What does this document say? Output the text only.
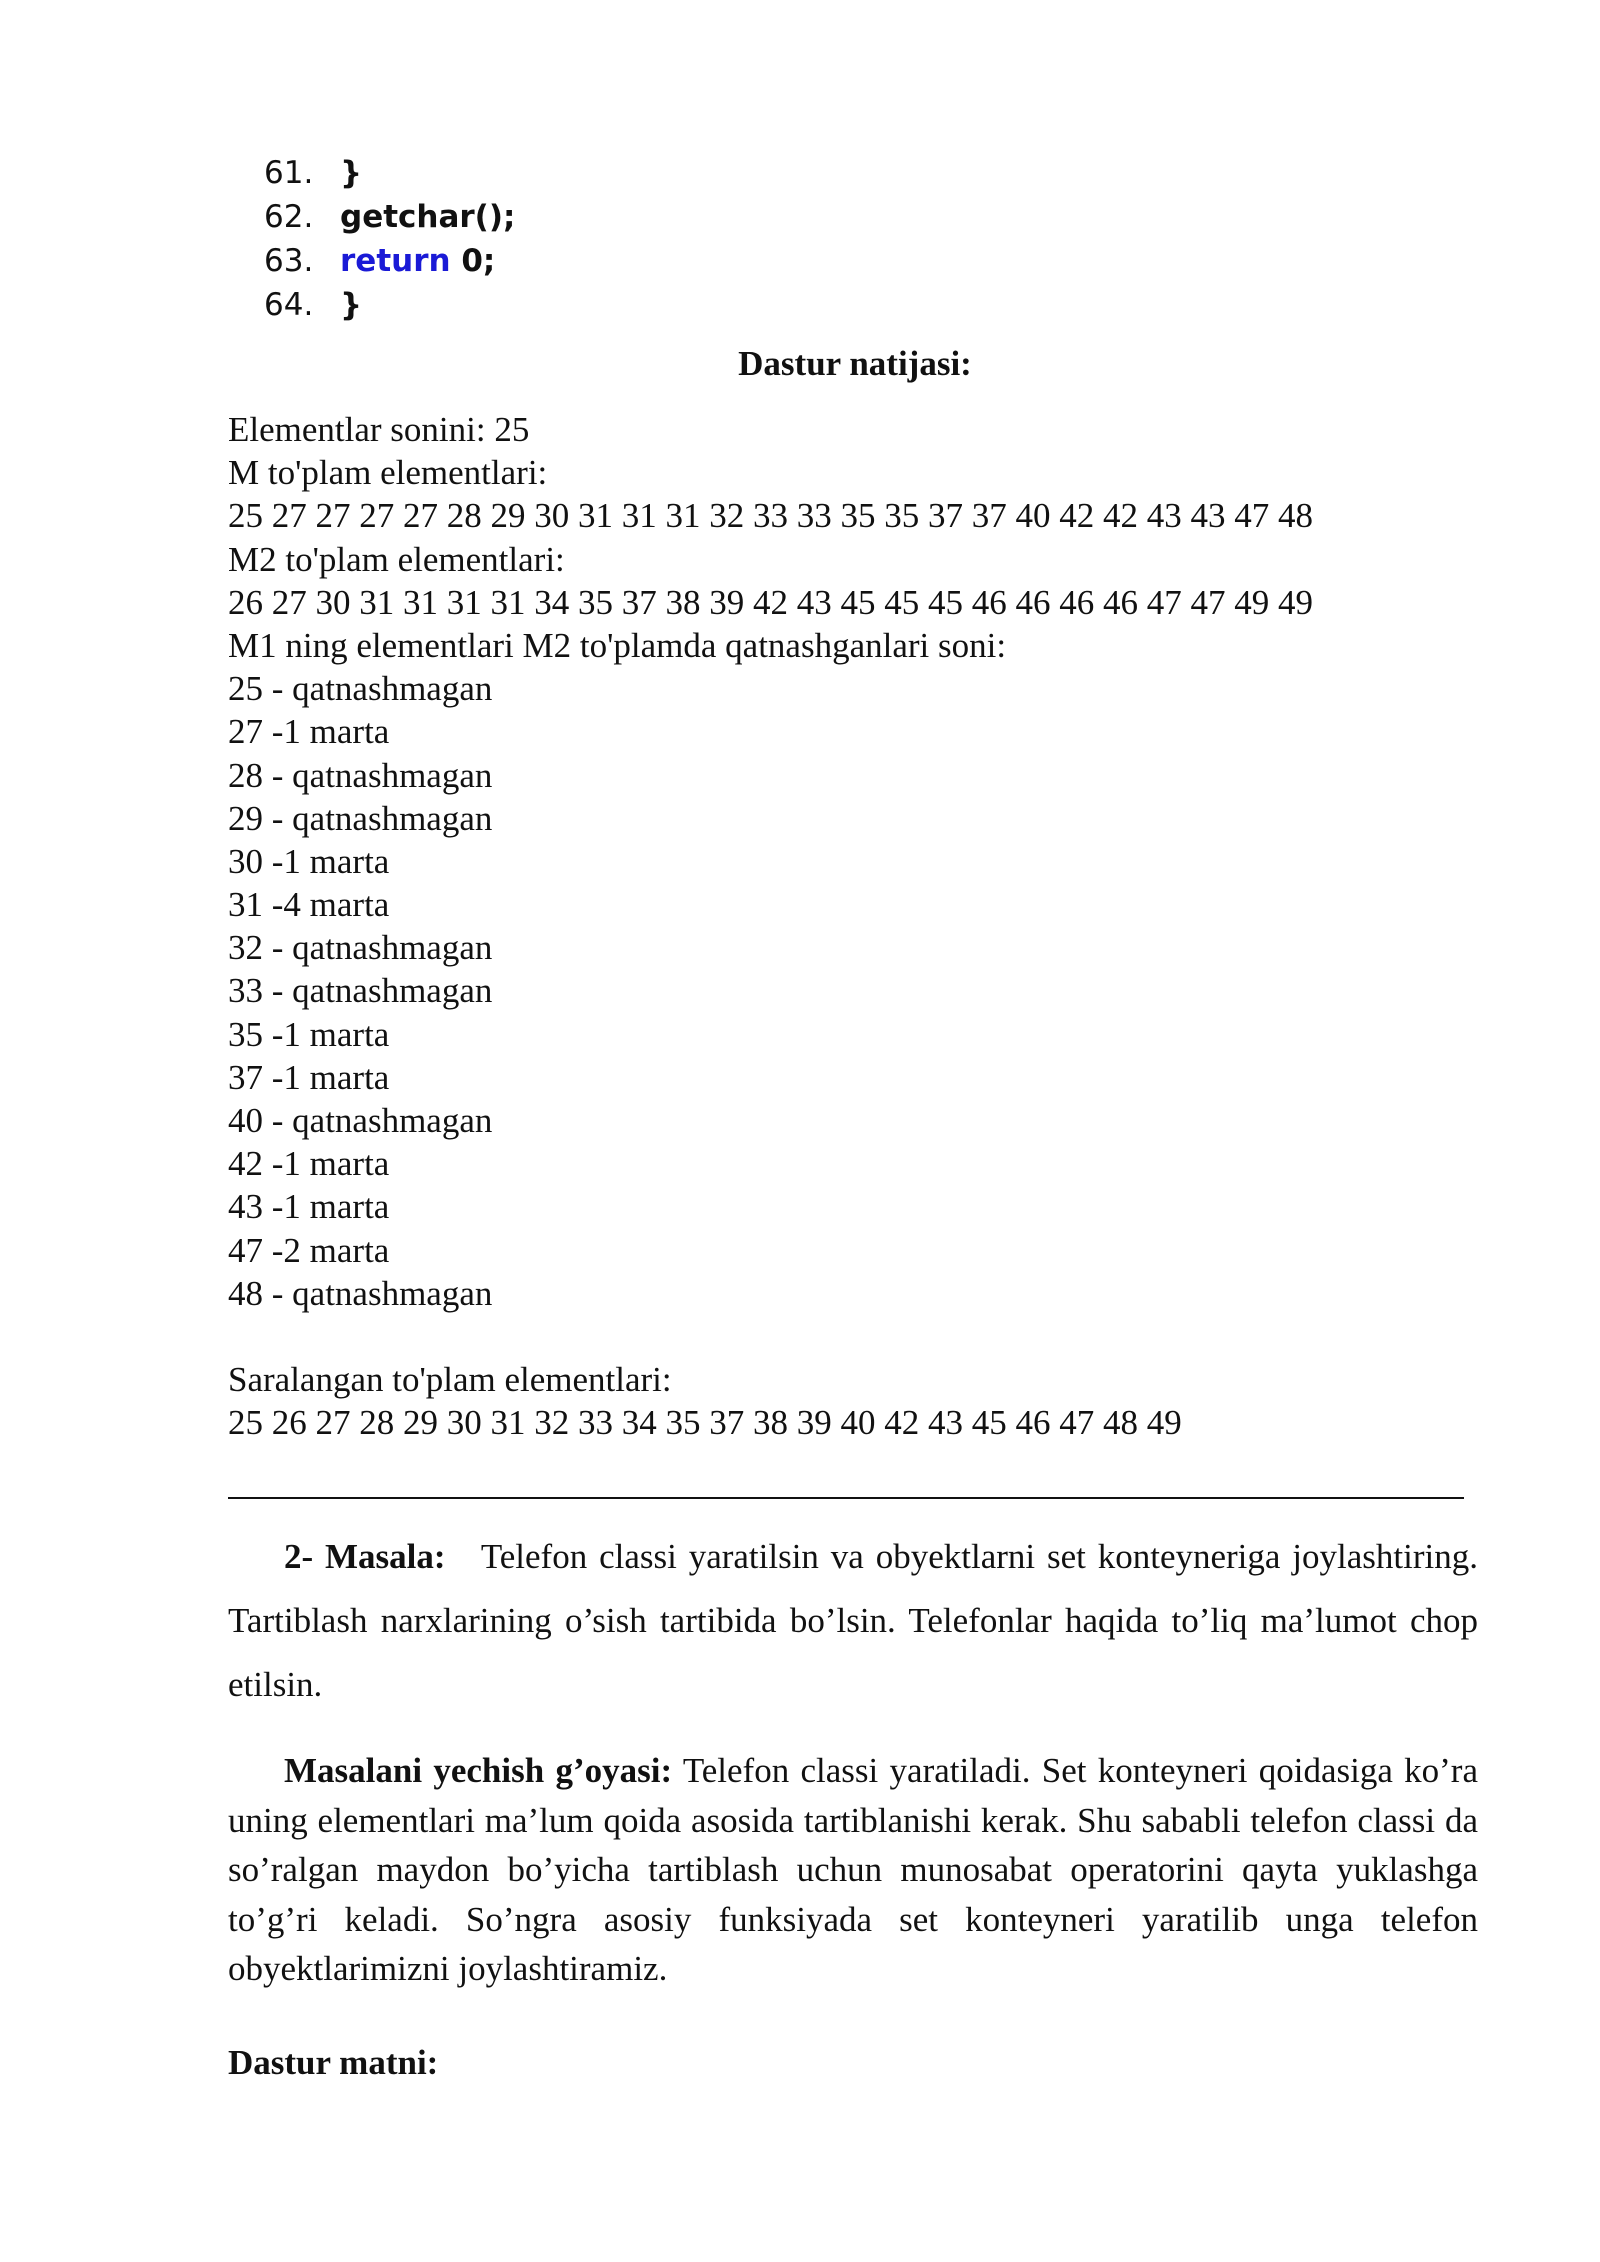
61. }
62. getchar();
63. return 0;
64. }
Dastur natijasi:
Elementlar sonini: 25
M to'plam elementlari:
25 27 27 27 27 28 29 30 31 31 31 32 33 33 35 35 37 37 40 42 42 43 43 47 48
M2 to'plam elementlari:
26 27 30 31 31 31 31 34 35 37 38 39 42 43 45 45 45 46 46 46 46 47 47 49 49
M1 ning elementlari M2 to'plamda qatnashganlari soni:
25 - qatnashmagan
27 -1 marta
28 - qatnashmagan
29 - qatnashmagan
30 -1 marta
31 -4 marta
32 - qatnashmagan
33 - qatnashmagan
35 -1 marta
37 -1 marta
40 - qatnashmagan
42 -1 marta
43 -1 marta
47 -2 marta
48 - qatnashmagan
Saralangan to'plam elementlari:
25 26 27 28 29 30 31 32 33 34 35 37 38 39 40 42 43 45 46 47 48 49
2- Masala: Telefon classi yaratilsin va obyektlarni set konteyneriga joylashtiring. Tartiblash narxlarining o’sish tartibida bo’lsin. Telefonlar haqida to’liq ma’lumot chop etilsin.
Masalani yechish g’oyasi: Telefon classi yaratiladi. Set konteyneri qoidasiga ko’ra uning elementlari ma’lum qoida asosida tartiblanishi kerak. Shu sababli telefon classi da so’ralgan maydon bo’yicha tartiblash uchun munosabat operatorini qayta yuklashga to’g’ri keladi. So’ngra asosiy funksiyada set konteyneri yaratilib unga telefon obyektlarimizni joylashtiramiz.
Dastur matni:
